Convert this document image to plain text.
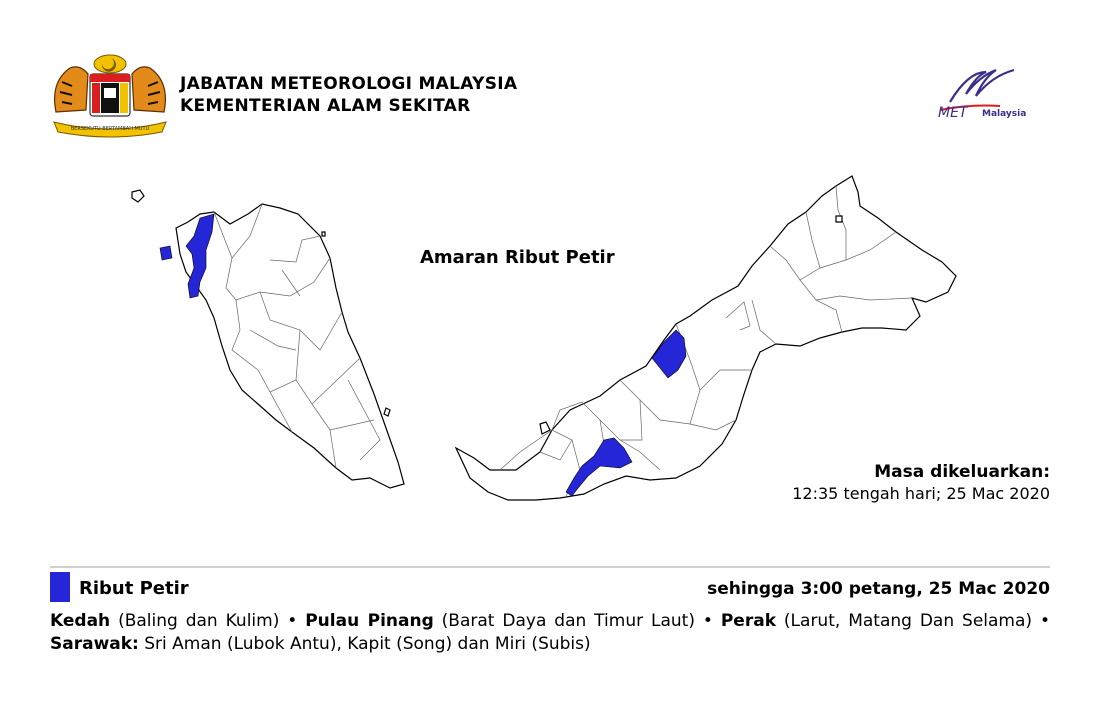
BERSEKUTU BERTAMBAH MUTU
JABATAN METEOROLOGI MALAYSIA
KEMENTERIAN ALAM SEKITAR	MET Malaysia
Amaran Ribut Petir
Masa dikeluarkan:
12:35 tengah hari; 25 Mac 2020
Ribut Petir	sehingga 3:00 petang, 25 Mac 2020
Kedah (Baling dan Kulim) • Pulau Pinang (Barat Daya dan Timur Laut) • Perak (Larut, Matang Dan Selama) • Sarawak: Sri Aman (Lubok Antu), Kapit (Song) dan Miri (Subis)
